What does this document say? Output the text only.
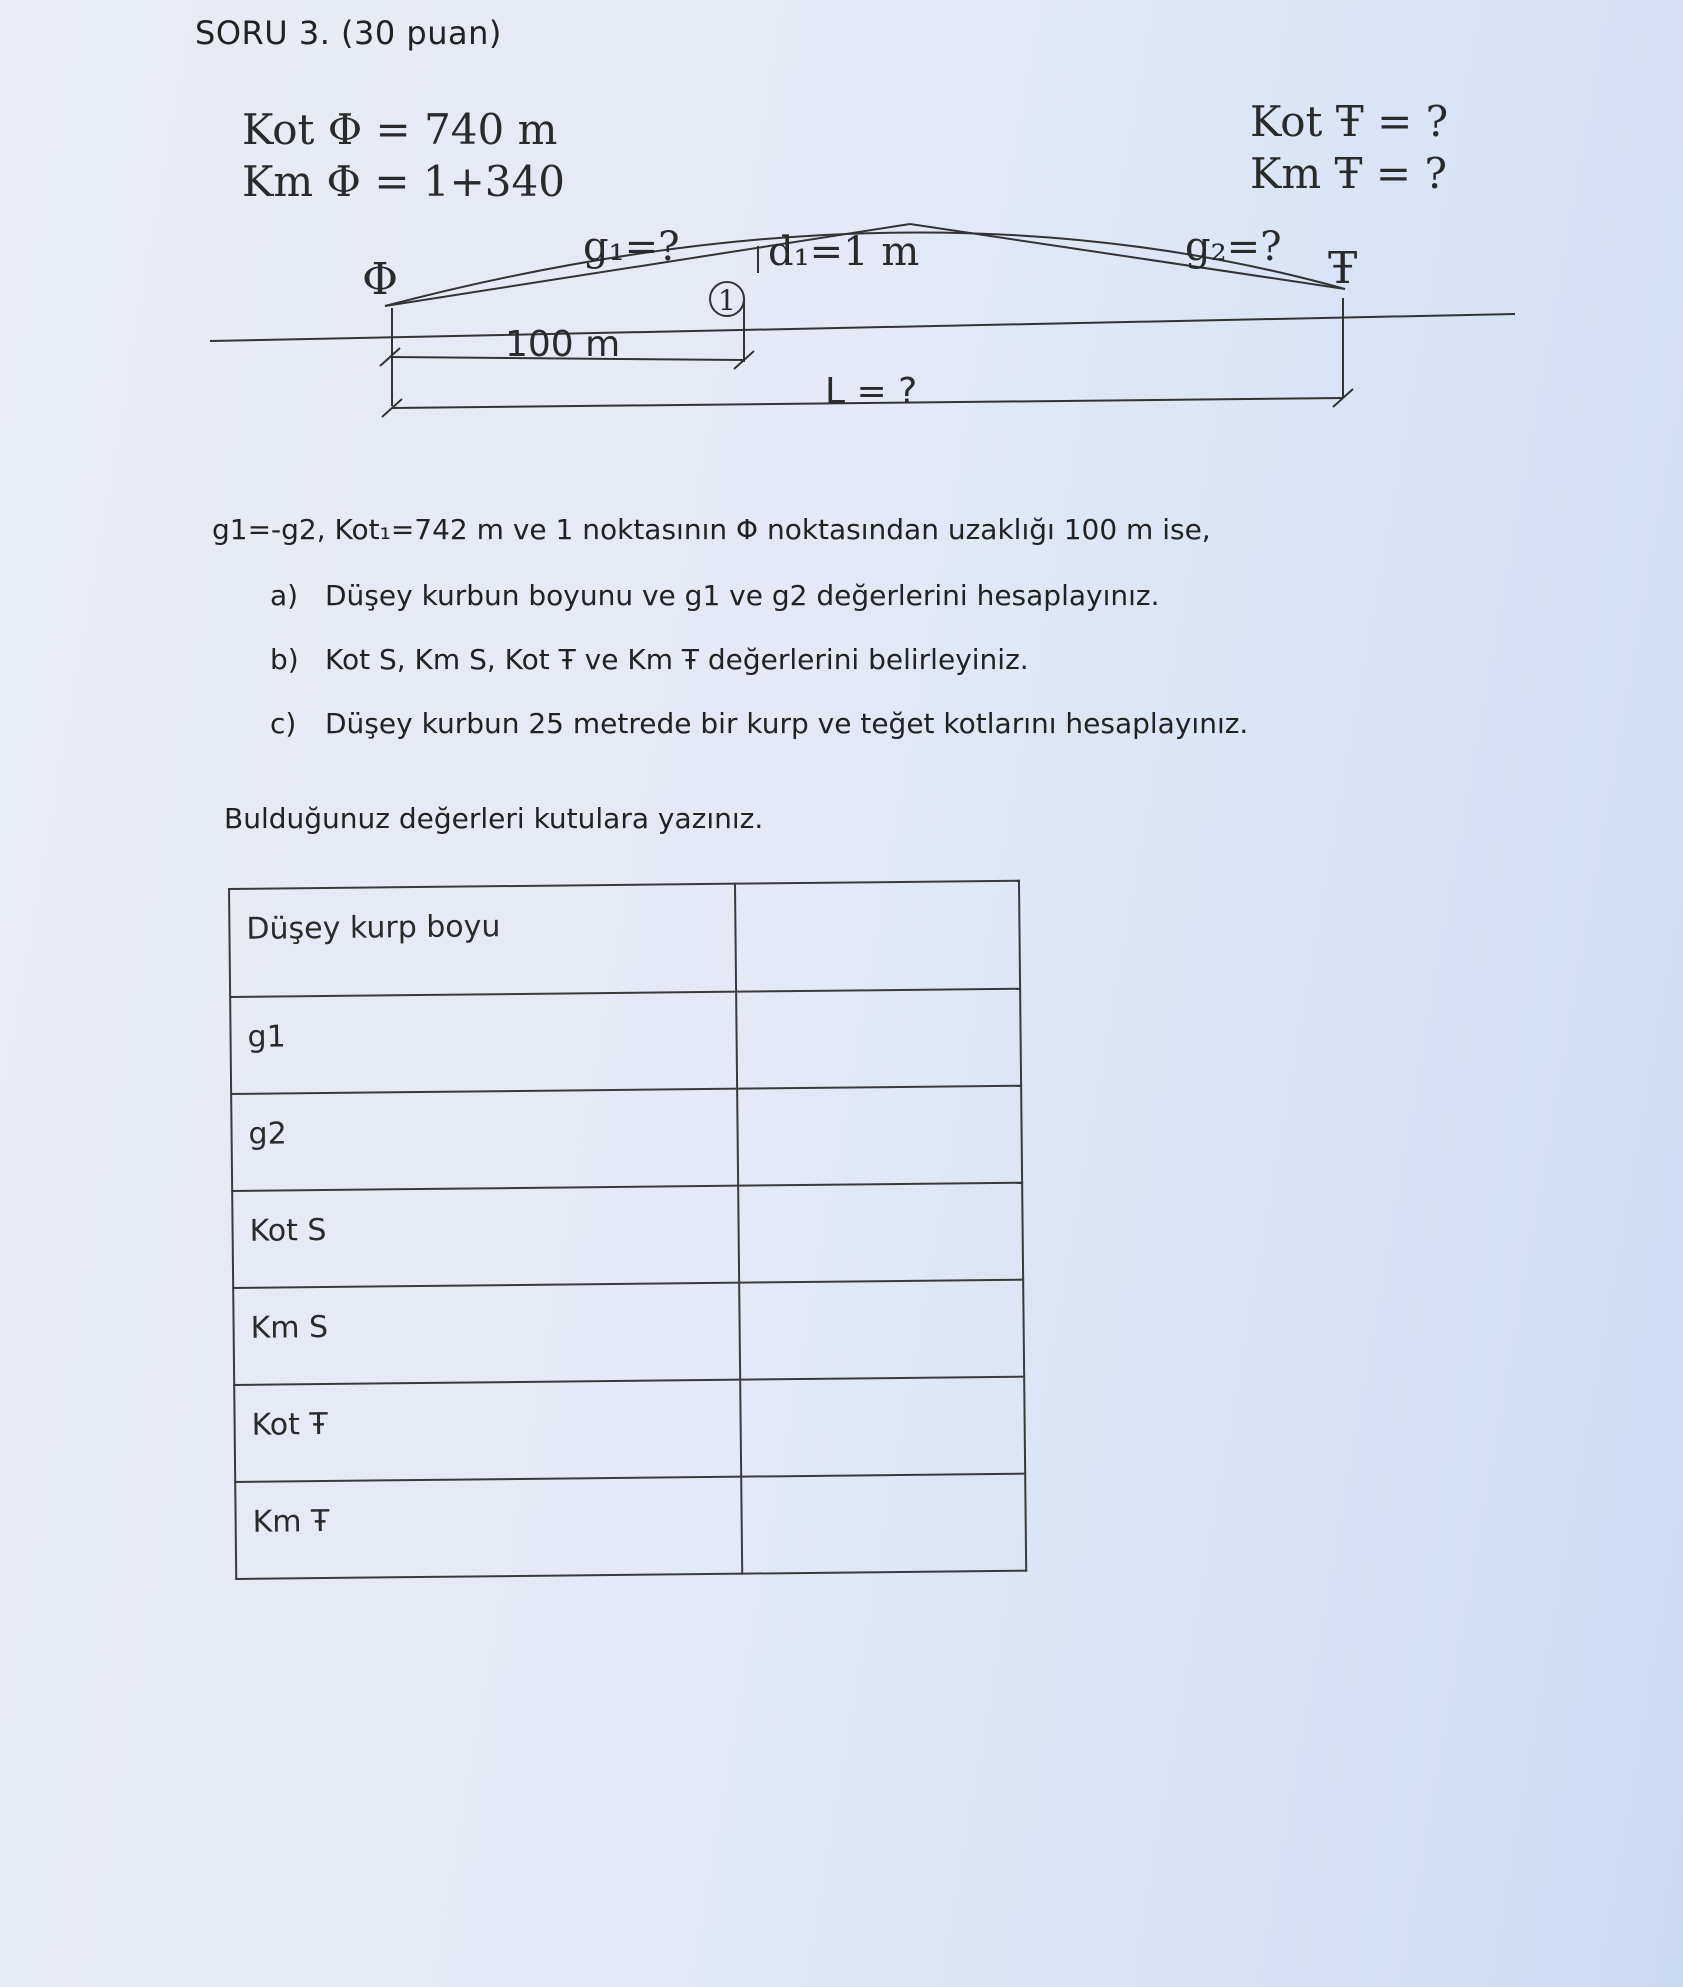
SORU 3. (30 puan)
Kot Φ = 740 m
Km Φ = 1+340
Kot Ŧ = ?
Km Ŧ = ?
Φ	Ŧ
g₁=?	g₂=?
d₁=1 m
1
100 m
L = ?
g1=-g2, Kot₁=742 m ve 1 noktasının Φ noktasından uzaklığı 100 m ise,
a) Düşey kurbun boyunu ve g1 ve g2 değerlerini hesaplayınız.
b) Kot S, Km S, Kot Ŧ ve Km Ŧ değerlerini belirleyiniz.
c) Düşey kurbun 25 metrede bir kurp ve teğet kotlarını hesaplayınız.
Bulduğunuz değerleri kutulara yazınız.
Düşey kurp boyu	
g1	
g2	
Kot S	
Km S	
Kot Ŧ	
Km Ŧ	
